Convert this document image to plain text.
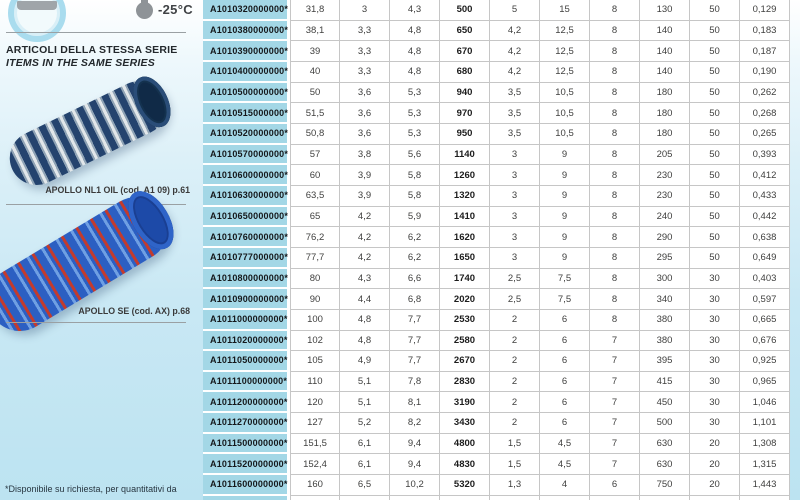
-25°C
ARTICOLI DELLA STESSA SERIE
ITEMS IN THE SAME SERIES
APOLLO NL1 OIL (cod. A1 09) p.61
APOLLO SE (cod. AX) p.68
*Disponibile su richiesta, per quantitativi da
A1010320000000*	31,8	3	4,3	500	5	15	8	130	50	0,129
A1010380000000*	38,1	3,3	4,8	650	4,2	12,5	8	140	50	0,183
A1010390000000*	39	3,3	4,8	670	4,2	12,5	8	140	50	0,187
A1010400000000*	40	3,3	4,8	680	4,2	12,5	8	140	50	0,190
A1010500000000*	50	3,6	5,3	940	3,5	10,5	8	180	50	0,262
A1010515000000*	51,5	3,6	5,3	970	3,5	10,5	8	180	50	0,268
A1010520000000*	50,8	3,6	5,3	950	3,5	10,5	8	180	50	0,265
A1010570000000*	57	3,8	5,6	1140	3	9	8	205	50	0,393
A1010600000000*	60	3,9	5,8	1260	3	9	8	230	50	0,412
A1010630000000*	63,5	3,9	5,8	1320	3	9	8	230	50	0,433
A1010650000000*	65	4,2	5,9	1410	3	9	8	240	50	0,442
A1010760000000*	76,2	4,2	6,2	1620	3	9	8	290	50	0,638
A1010777000000*	77,7	4,2	6,2	1650	3	9	8	295	50	0,649
A1010800000000*	80	4,3	6,6	1740	2,5	7,5	8	300	30	0,403
A1010900000000*	90	4,4	6,8	2020	2,5	7,5	8	340	30	0,597
A1011000000000*	100	4,8	7,7	2530	2	6	8	380	30	0,665
A1011020000000*	102	4,8	7,7	2580	2	6	7	380	30	0,676
A1011050000000*	105	4,9	7,7	2670	2	6	7	395	30	0,925
A1011100000000*	110	5,1	7,8	2830	2	6	7	415	30	0,965
A1011200000000*	120	5,1	8,1	3190	2	6	7	450	30	1,046
A1011270000000*	127	5,2	8,2	3430	2	6	7	500	30	1,101
A1011500000000*	151,5	6,1	9,4	4800	1,5	4,5	7	630	20	1,308
A1011520000000*	152,4	6,1	9,4	4830	1,5	4,5	7	630	20	1,315
A1011600000000*	160	6,5	10,2	5320	1,3	4	6	750	20	1,443
